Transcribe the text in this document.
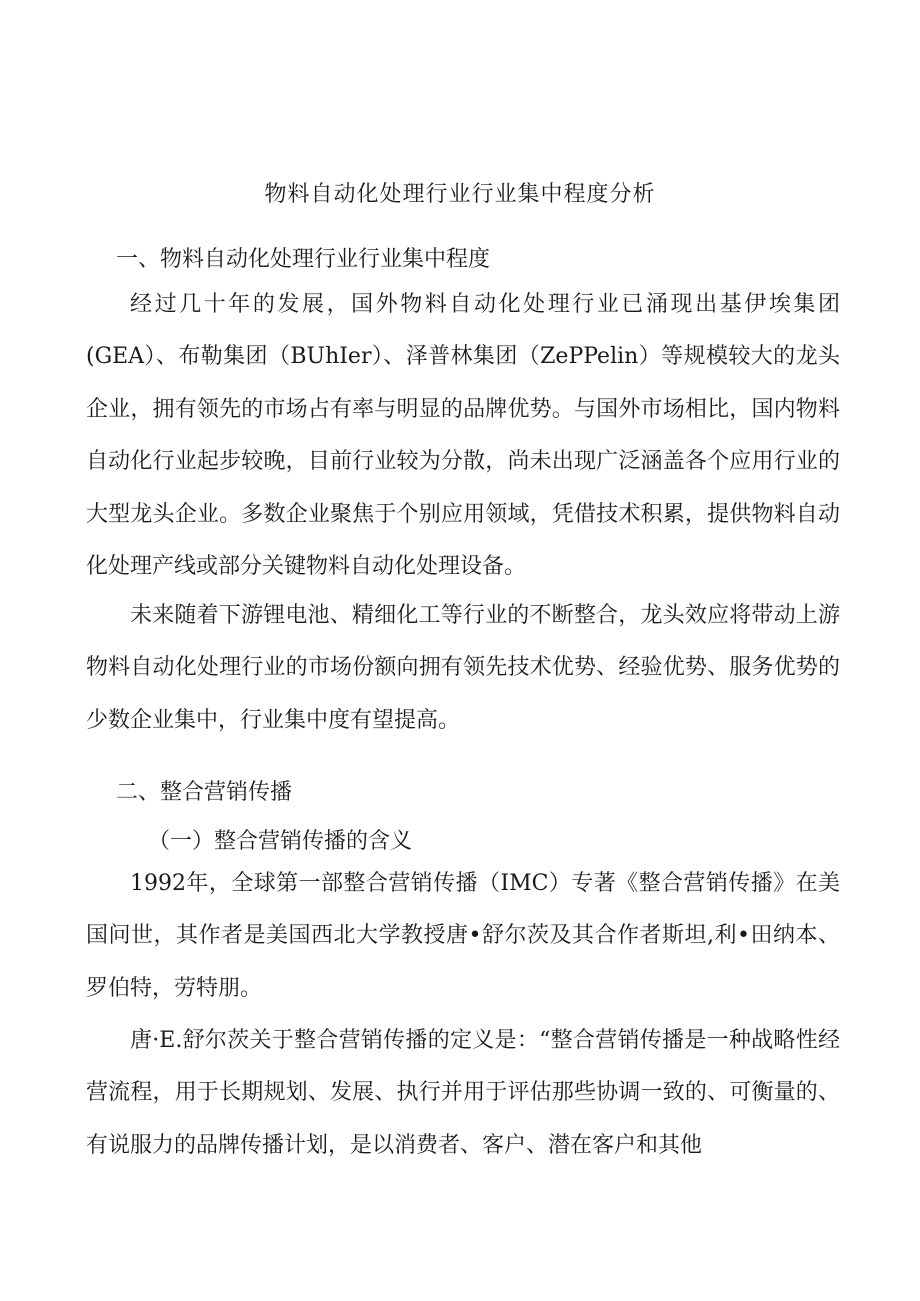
物料自动化处理行业行业集中程度分析
一、物料自动化处理行业行业集中程度

经过几十年的发展，国外物料自动化处理行业已涌现出基伊埃集团(GEA）、布勒集团（BUhIer）、泽普林集团（ZePPelin）等规模较大的龙头企业，拥有领先的市场占有率与明显的品牌优势。与国外市场相比，国内物料自动化行业起步较晚，目前行业较为分散，尚未出现广泛涵盖各个应用行业的大型龙头企业。多数企业聚焦于个别应用领域，凭借技术积累，提供物料自动化处理产线或部分关键物料自动化处理设备。

未来随着下游锂电池、精细化工等行业的不断整合，龙头效应将带动上游物料自动化处理行业的市场份额向拥有领先技术优势、经验优势、服务优势的少数企业集中，行业集中度有望提高。

二、整合营销传播
（一）整合营销传播的含义

1992年，全球第一部整合营销传播（IMC）专著《整合营销传播》在美国问世，其作者是美国西北大学教授唐•舒尔茨及其合作者斯坦,利•田纳本、罗伯特，劳特朋。

唐·E.舒尔茨关于整合营销传播的定义是：“整合营销传播是一种战略性经营流程，用于长期规划、发展、执行并用于评估那些协调一致的、可衡量的、有说服力的品牌传播计划，是以消费者、客户、潜在客户和其他
